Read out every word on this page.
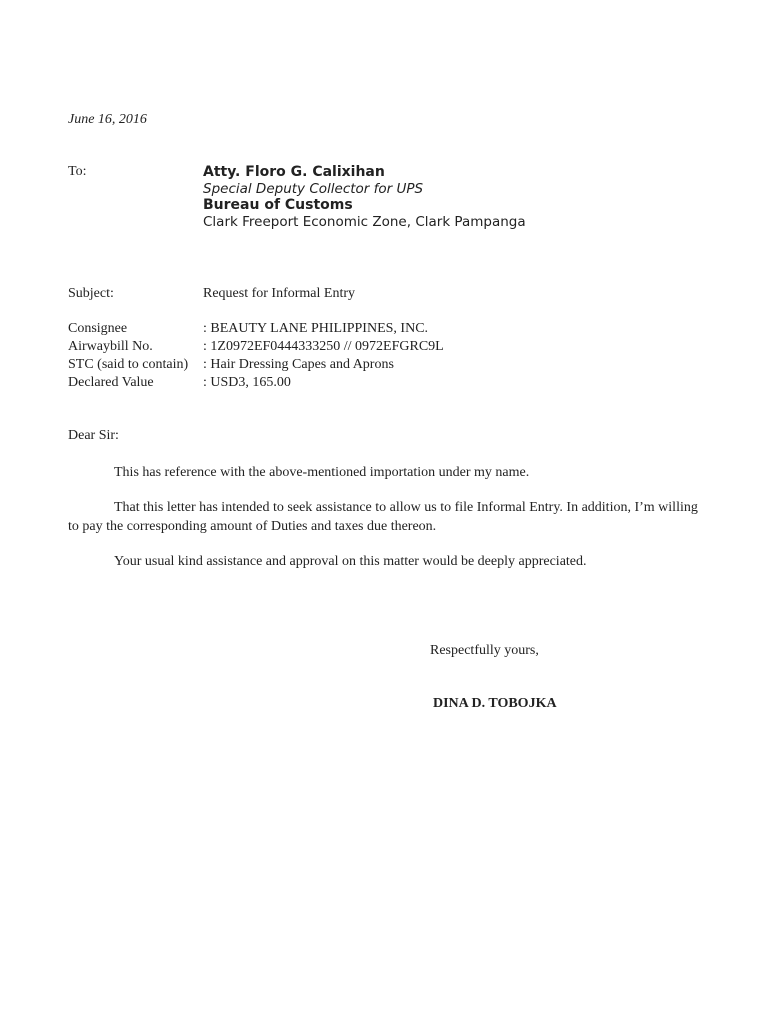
June 16, 2016
To:	Atty. Floro G. Calixihan
Special Deputy Collector for UPS
Bureau of Customs
Clark Freeport Economic Zone, Clark Pampanga
Subject:	Request for Informal Entry
Consignee	: BEAUTY LANE PHILIPPINES, INC.
Airwaybill No.	: 1Z0972EF0444333250 // 0972EFGRC9L
STC (said to contain) : Hair Dressing Capes and Aprons
Declared Value	: USD3, 165.00
Dear Sir:

This has reference with the above-mentioned importation under my name.

That this letter has intended to seek assistance to allow us to file Informal Entry. In addition, I’m willing to pay the corresponding amount of Duties and taxes due thereon.

Your usual kind assistance and approval on this matter would be deeply appreciated.

Respectfully yours,
DINA D. TOBOJKA
